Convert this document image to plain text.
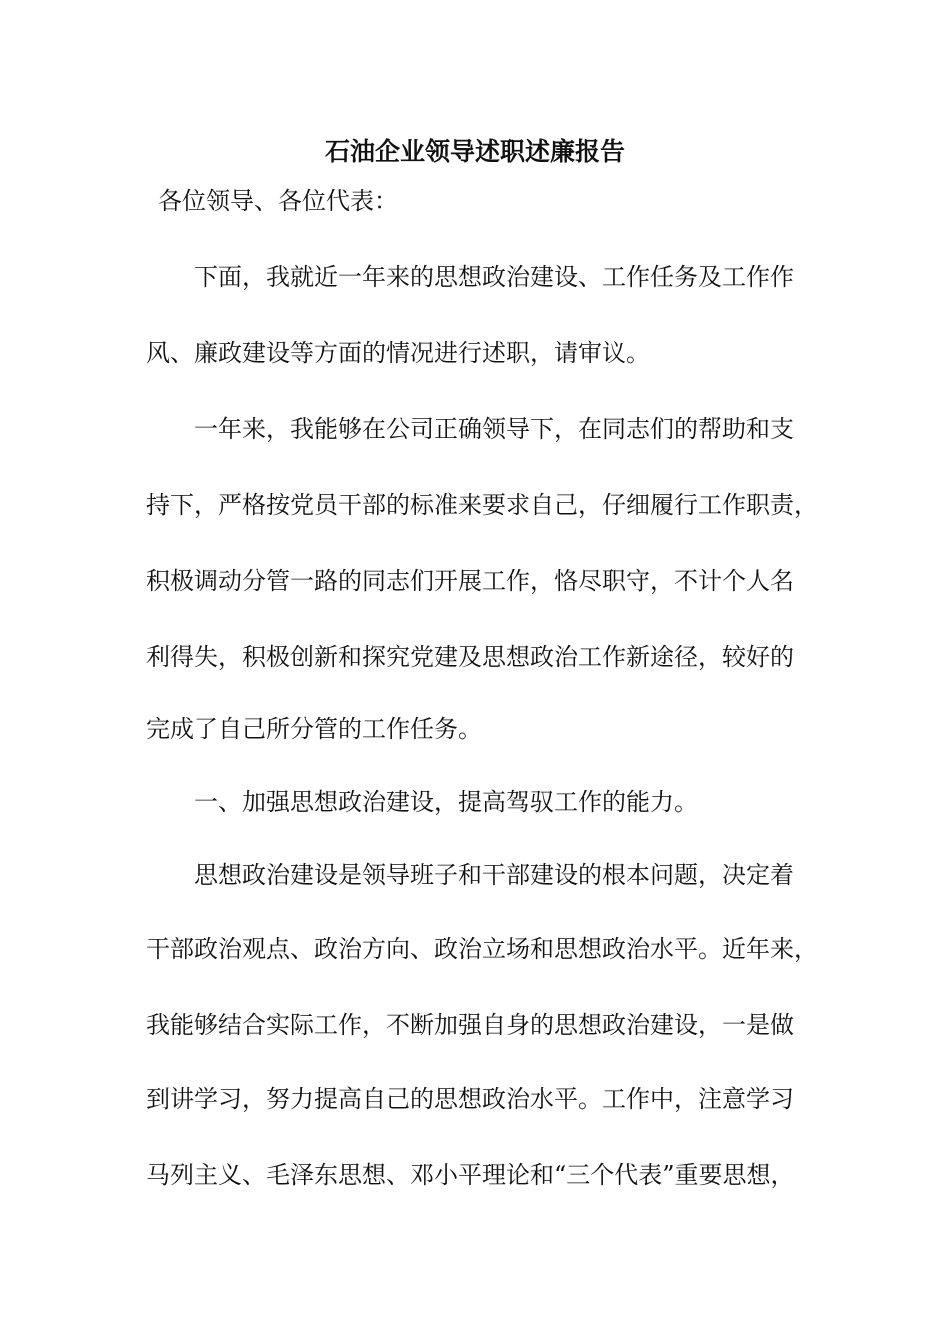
石油企业领导述职述廉报告
各位领导、各位代表：
下面，我就近一年来的思想政治建设、工作任务及工作作
风、廉政建设等方面的情况进行述职，请审议。
一年来，我能够在公司正确领导下，在同志们的帮助和支
持下，严格按党员干部的标准来要求自己，仔细履行工作职责，
积极调动分管一路的同志们开展工作，恪尽职守，不计个人名
利得失，积极创新和探究党建及思想政治工作新途径，较好的
完成了自己所分管的工作任务。
一、加强思想政治建设，提高驾驭工作的能力。
思想政治建设是领导班子和干部建设的根本问题，决定着
干部政治观点、政治方向、政治立场和思想政治水平。近年来，
我能够结合实际工作，不断加强自身的思想政治建设，一是做
到讲学习，努力提高自己的思想政治水平。工作中，注意学习
马列主义、毛泽东思想、邓小平理论和“三个代表”重要思想，
